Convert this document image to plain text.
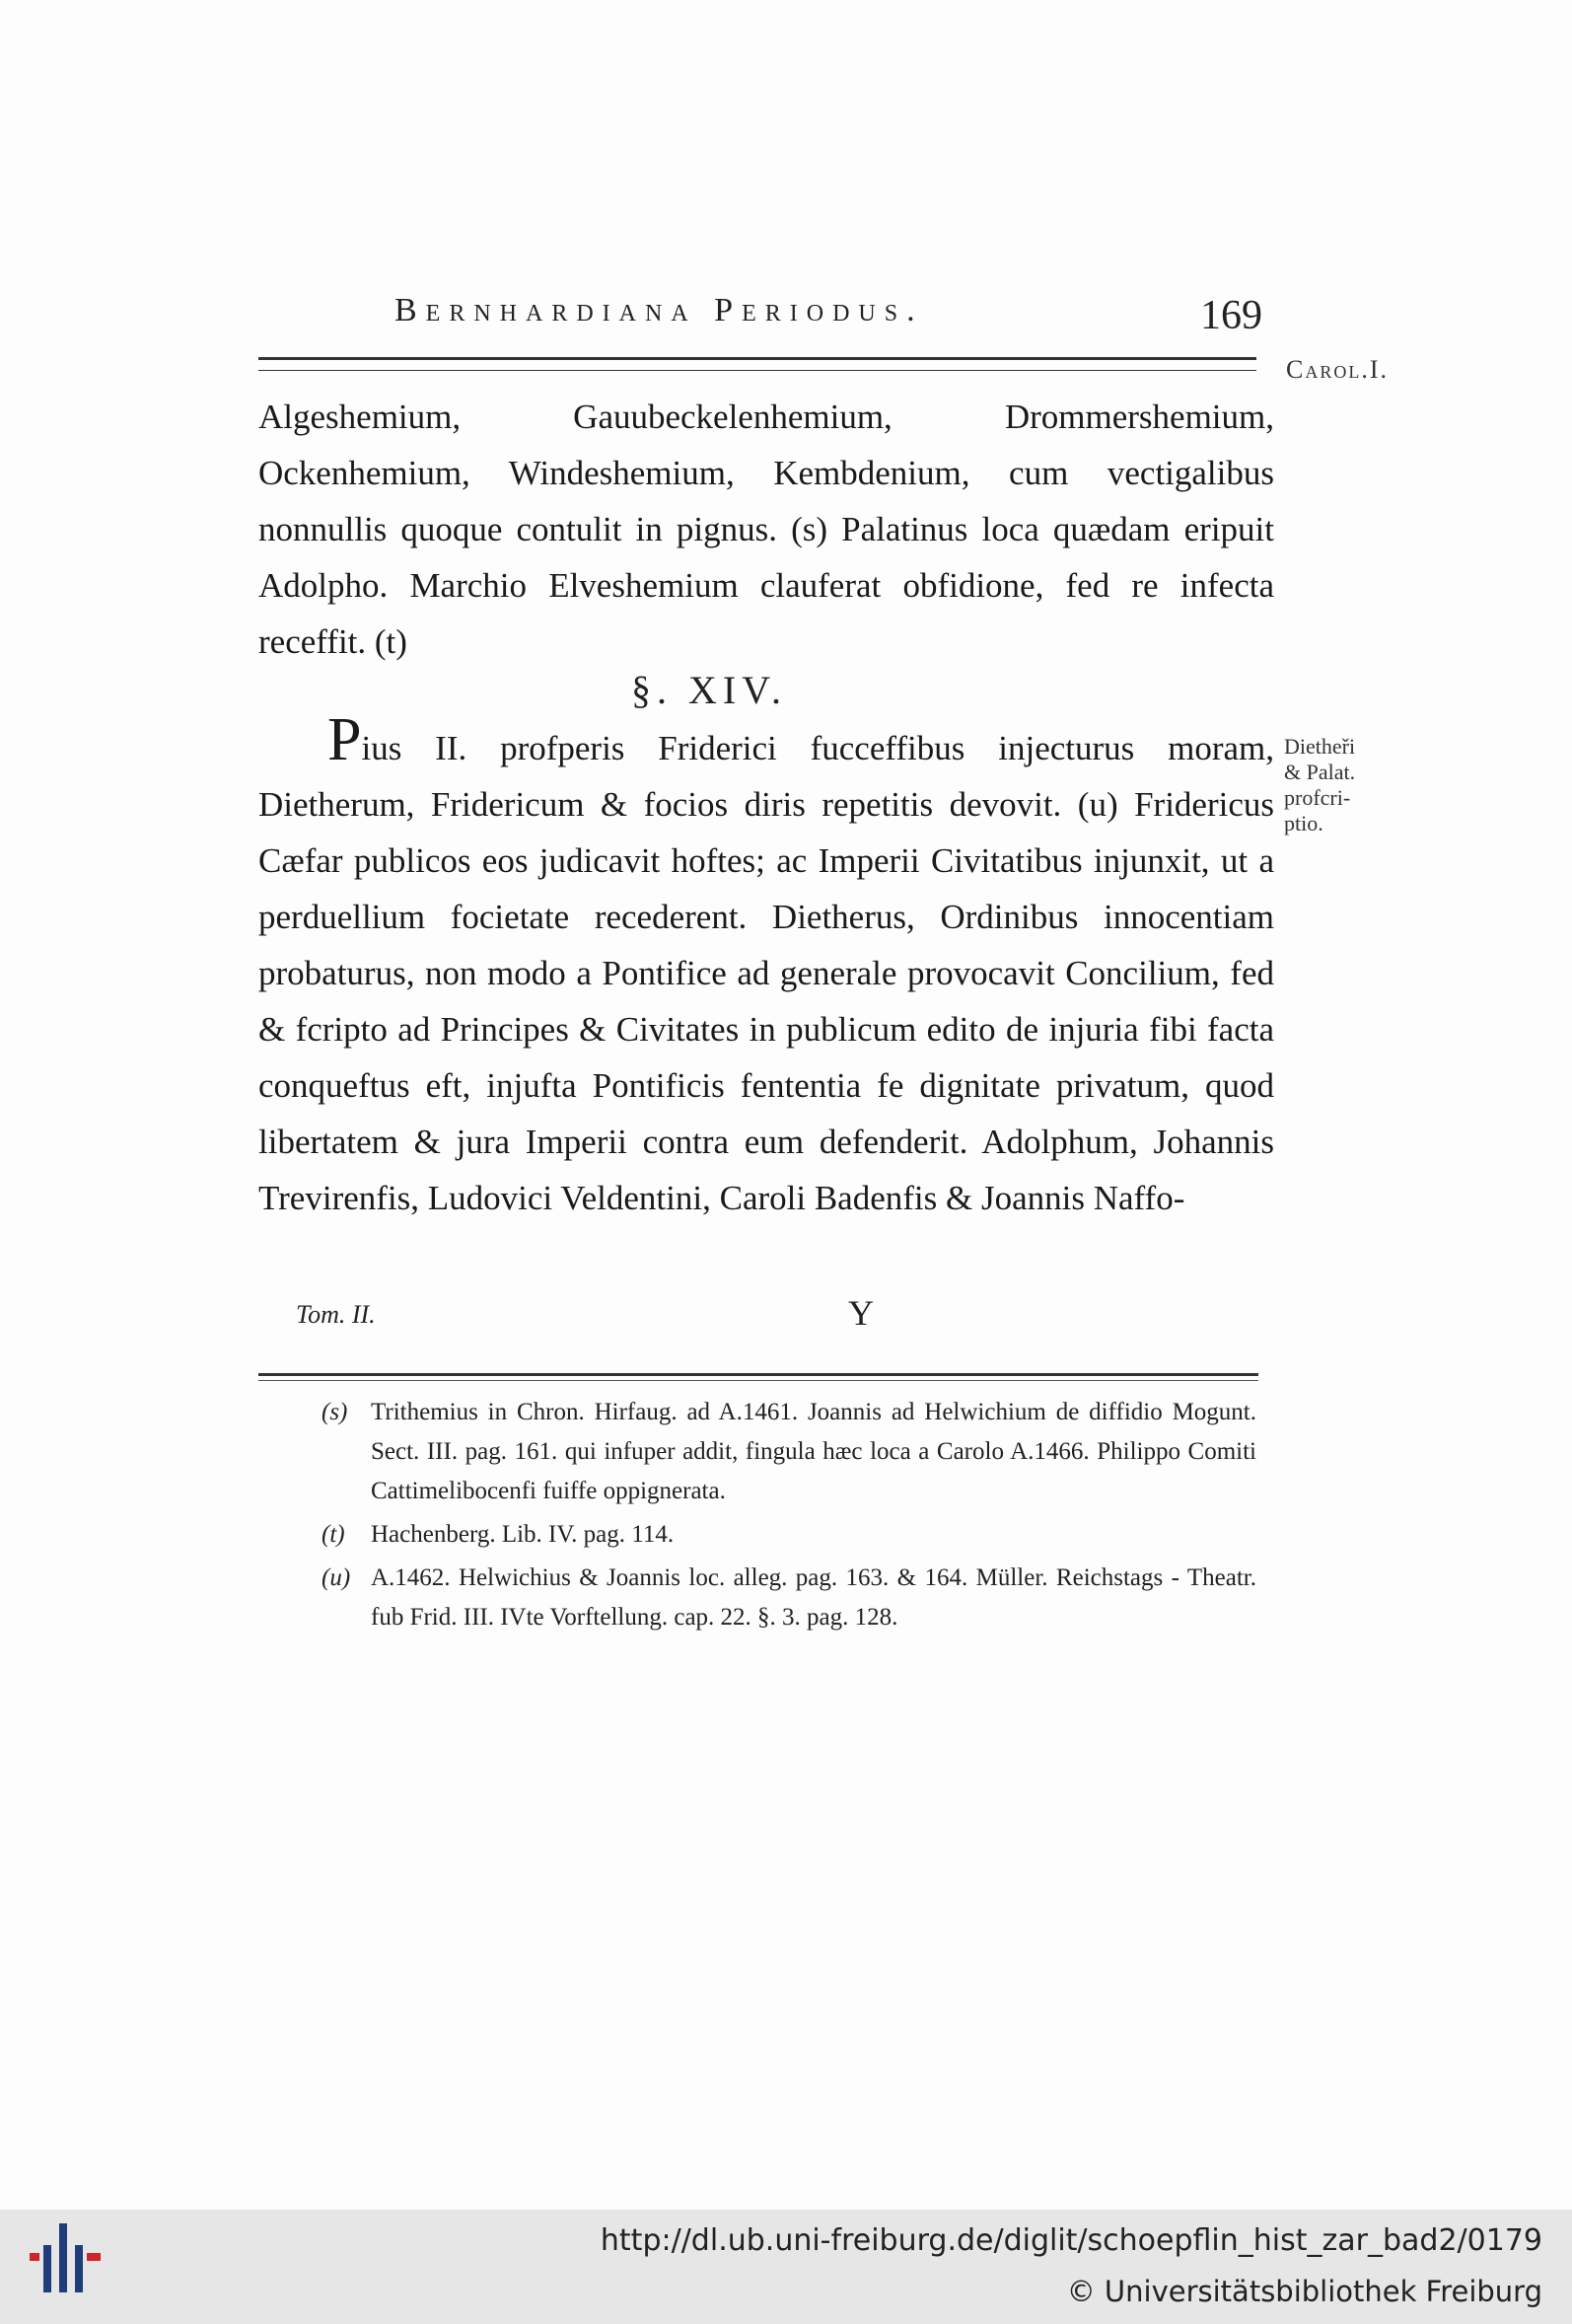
Bernhardiana Periodus.	169
Carol.I.
Dietheři
& Palat.
profcri-
ptio.
Algeshemium, Gauubeckelenhemium, Drommershemium, Ockenhemium, Windeshemium, Kembdenium, cum vectigalibus nonnullis quoque contulit in pignus. (s) Palatinus loca quædam eripuit Adolpho. Marchio Elveshemium clauferat obfidione, fed re infecta receffit. (t)
§. XIV.
Pius II. profperis Friderici fucceffibus injecturus moram, Dietherum, Fridericum & focios diris repetitis devovit. (u) Fridericus Cæfar publicos eos judicavit hoftes; ac Imperii Civitatibus injunxit, ut a perduellium focietate recederent. Dietherus, Ordinibus innocentiam probaturus, non modo a Pontifice ad generale provocavit Concilium, fed & fcripto ad Principes & Civitates in publicum edito de injuria fibi facta conqueftus eft, injufta Pontificis fententia fe dignitate privatum, quod libertatem & jura Imperii contra eum defenderit. Adolphum, Johannis Trevirenfis, Ludovici Veldentini, Caroli Badenfis & Joannis Naffo-
Tom. II.	Y
(s) Trithemius in Chron. Hirfaug. ad A.1461. Joannis ad Helwichium de diffidio Mogunt. Sect. III. pag. 161. qui infuper addit, fingula hæc loca a Carolo A.1466. Philippo Comiti Cattimelibocenfi fuiffe oppignerata.
(t) Hachenberg. Lib. IV. pag. 114.
(u) A.1462. Helwichius & Joannis loc. alleg. pag. 163. & 164. Müller. Reichstags - Theatr. fub Frid. III. IVte Vorftellung. cap. 22. §. 3. pag. 128.
http://dl.ub.uni-freiburg.de/diglit/schoepflin_hist_zar_bad2/0179
© Universitätsbibliothek Freiburg
